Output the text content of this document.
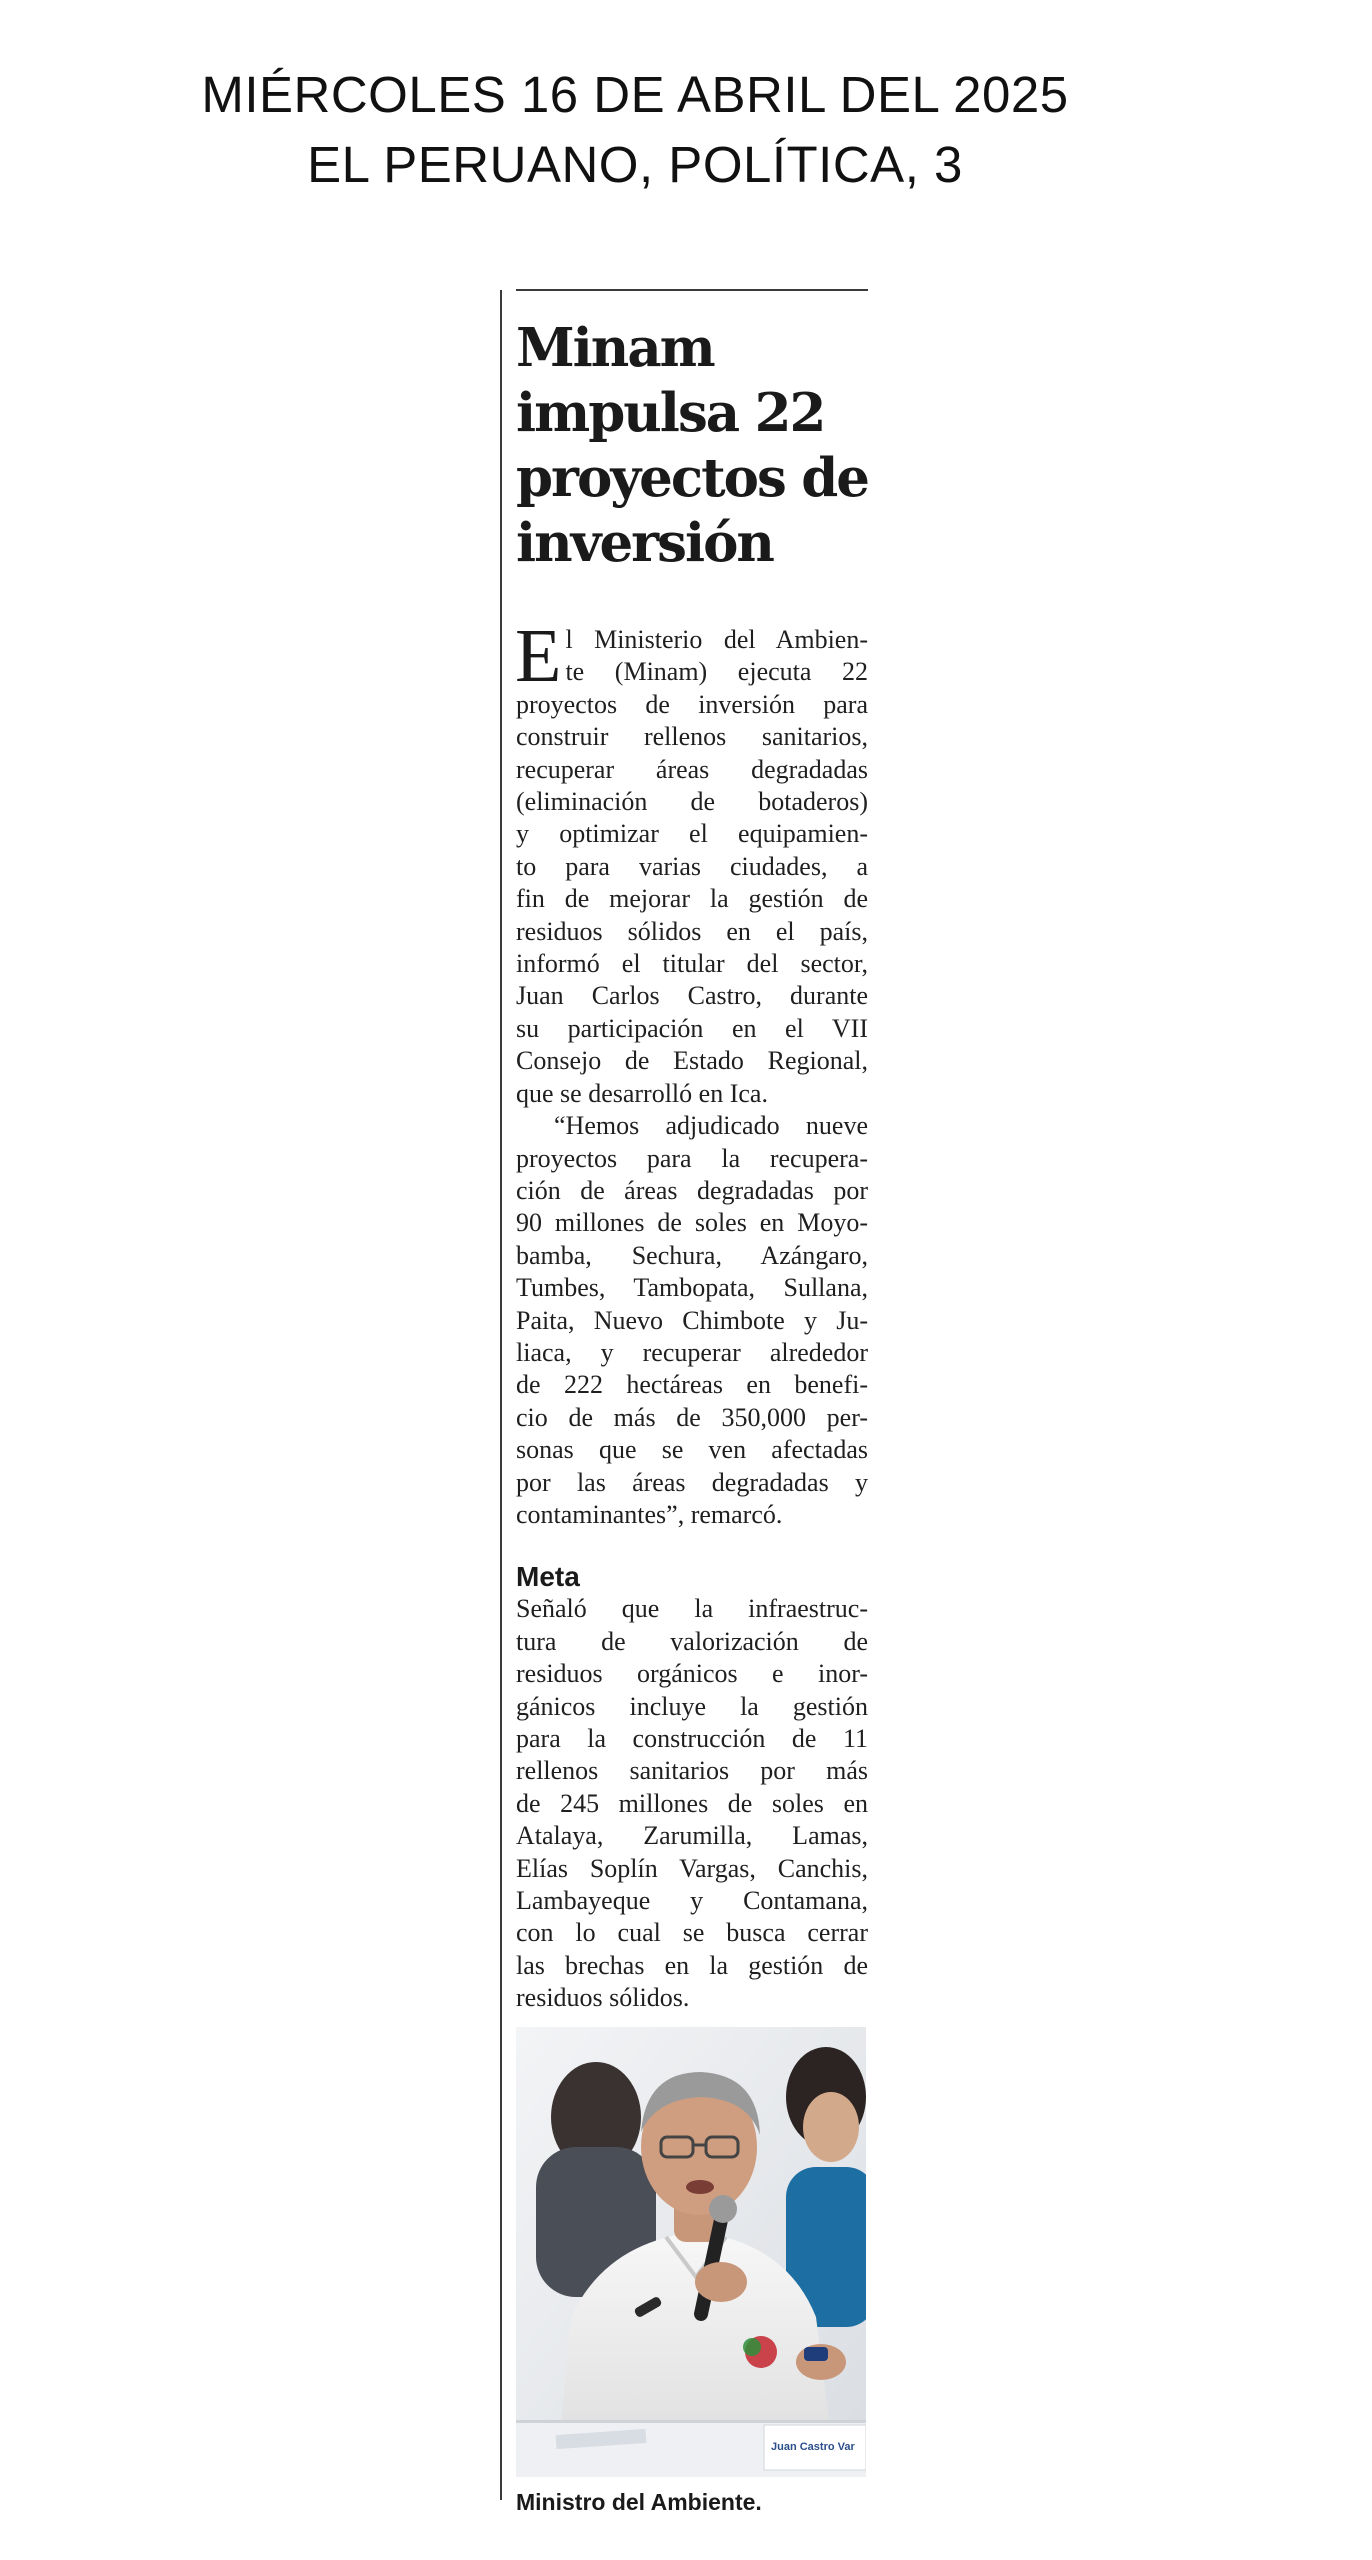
MIÉRCOLES 16 DE ABRIL DEL 2025
EL PERUANO, POLÍTICA, 3
Minam
impulsa 22
proyectos de
inversión

E l Ministerio del Ambien-
te (Minam) ejecuta 22
proyectos de inversión para
construir rellenos sanitarios,
recuperar áreas degradadas
(eliminación de botaderos)
y optimizar el equipamien-
to para varias ciudades, a
fin de mejorar la gestión de
residuos sólidos en el país,
informó el titular del sector,
Juan Carlos Castro, durante
su participación en el VII
Consejo de Estado Regional,
que se desarrolló en Ica.

“Hemos adjudicado nueve
proyectos para la recupera-
ción de áreas degradadas por
90 millones de soles en Moyo-
bamba, Sechura, Azángaro,
Tumbes, Tambopata, Sullana,
Paita, Nuevo Chimbote y Ju-
liaca, y recuperar alrededor
de 222 hectáreas en benefi-
cio de más de 350,000 per-
sonas que se ven afectadas
por las áreas degradadas y
contaminantes”, remarcó.

Meta

Señaló que la infraestruc-
tura de valorización de
residuos orgánicos e inor-
gánicos incluye la gestión
para la construcción de 11
rellenos sanitarios por más
de 245 millones de soles en
Atalaya, Zarumilla, Lamas,
Elías Soplín Vargas, Canchis,
Lambayeque y Contamana,
con lo cual se busca cerrar
las brechas en la gestión de
residuos sólidos.

Juan Castro Var
Ministro del Ambiente.
